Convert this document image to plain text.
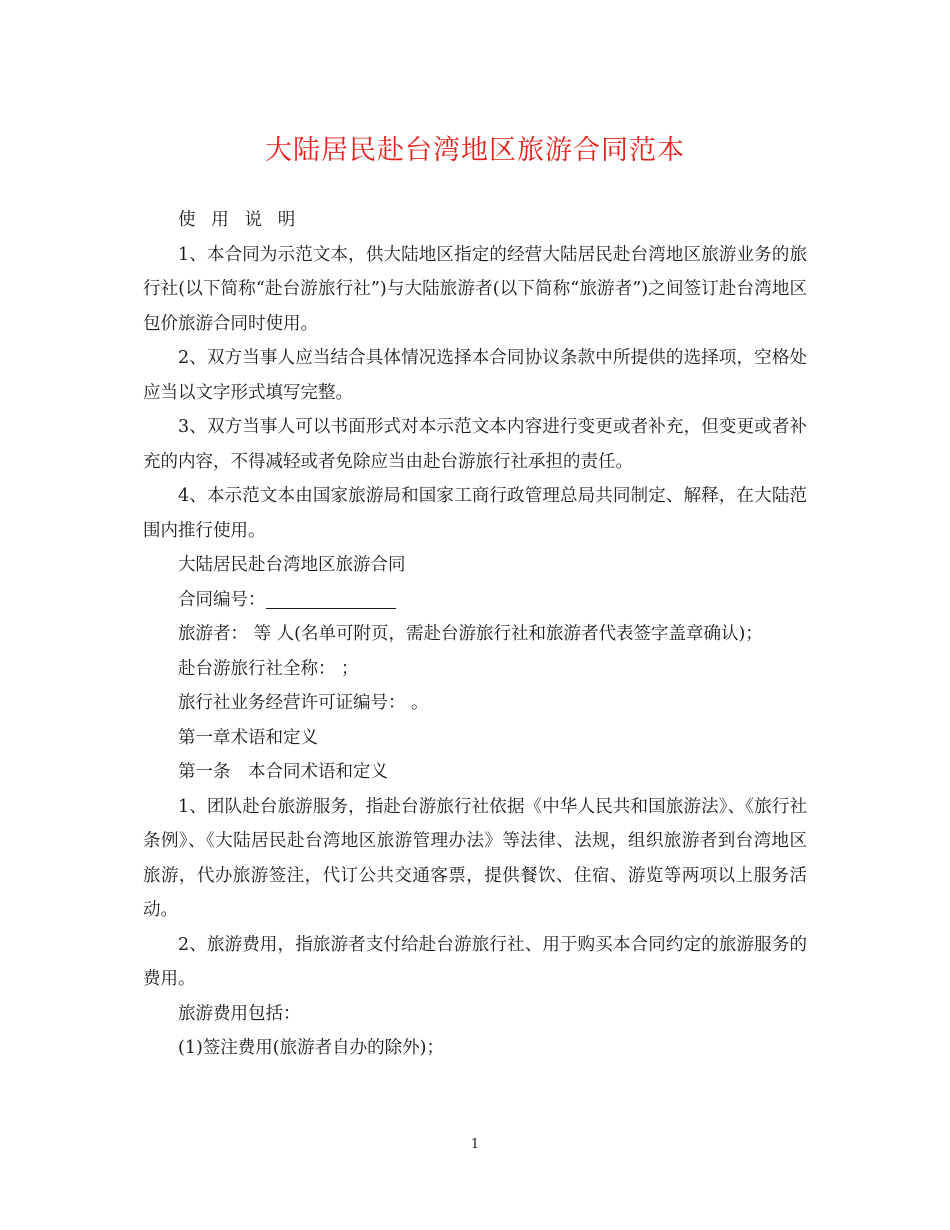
大陆居民赴台湾地区旅游合同范本

使用说明

1、本合同为示范文本，供大陆地区指定的经营大陆居民赴台湾地区旅游业务的旅行社(以下简称“赴台游旅行社”)与大陆旅游者(以下简称“旅游者”)之间签订赴台湾地区包价旅游合同时使用。

2、双方当事人应当结合具体情况选择本合同协议条款中所提供的选择项，空格处应当以文字形式填写完整。

3、双方当事人可以书面形式对本示范文本内容进行变更或者补充，但变更或者补充的内容，不得减轻或者免除应当由赴台游旅行社承担的责任。

4、本示范文本由国家旅游局和国家工商行政管理总局共同制定、解释，在大陆范围内推行使用。

大陆居民赴台湾地区旅游合同

合同编号：

旅游者： 等 人(名单可附页，需赴台游旅行社和旅游者代表签字盖章确认)；

赴台游旅行社全称： ；

旅行社业务经营许可证编号： 。

第一章术语和定义

第一条　本合同术语和定义

1、团队赴台旅游服务，指赴台游旅行社依据《中华人民共和国旅游法》、《旅行社条例》、《大陆居民赴台湾地区旅游管理办法》等法律、法规，组织旅游者到台湾地区旅游，代办旅游签注，代订公共交通客票，提供餐饮、住宿、游览等两项以上服务活动。

2、旅游费用，指旅游者支付给赴台游旅行社、用于购买本合同约定的旅游服务的费用。

旅游费用包括：

(1)签注费用(旅游者自办的除外)；

1
